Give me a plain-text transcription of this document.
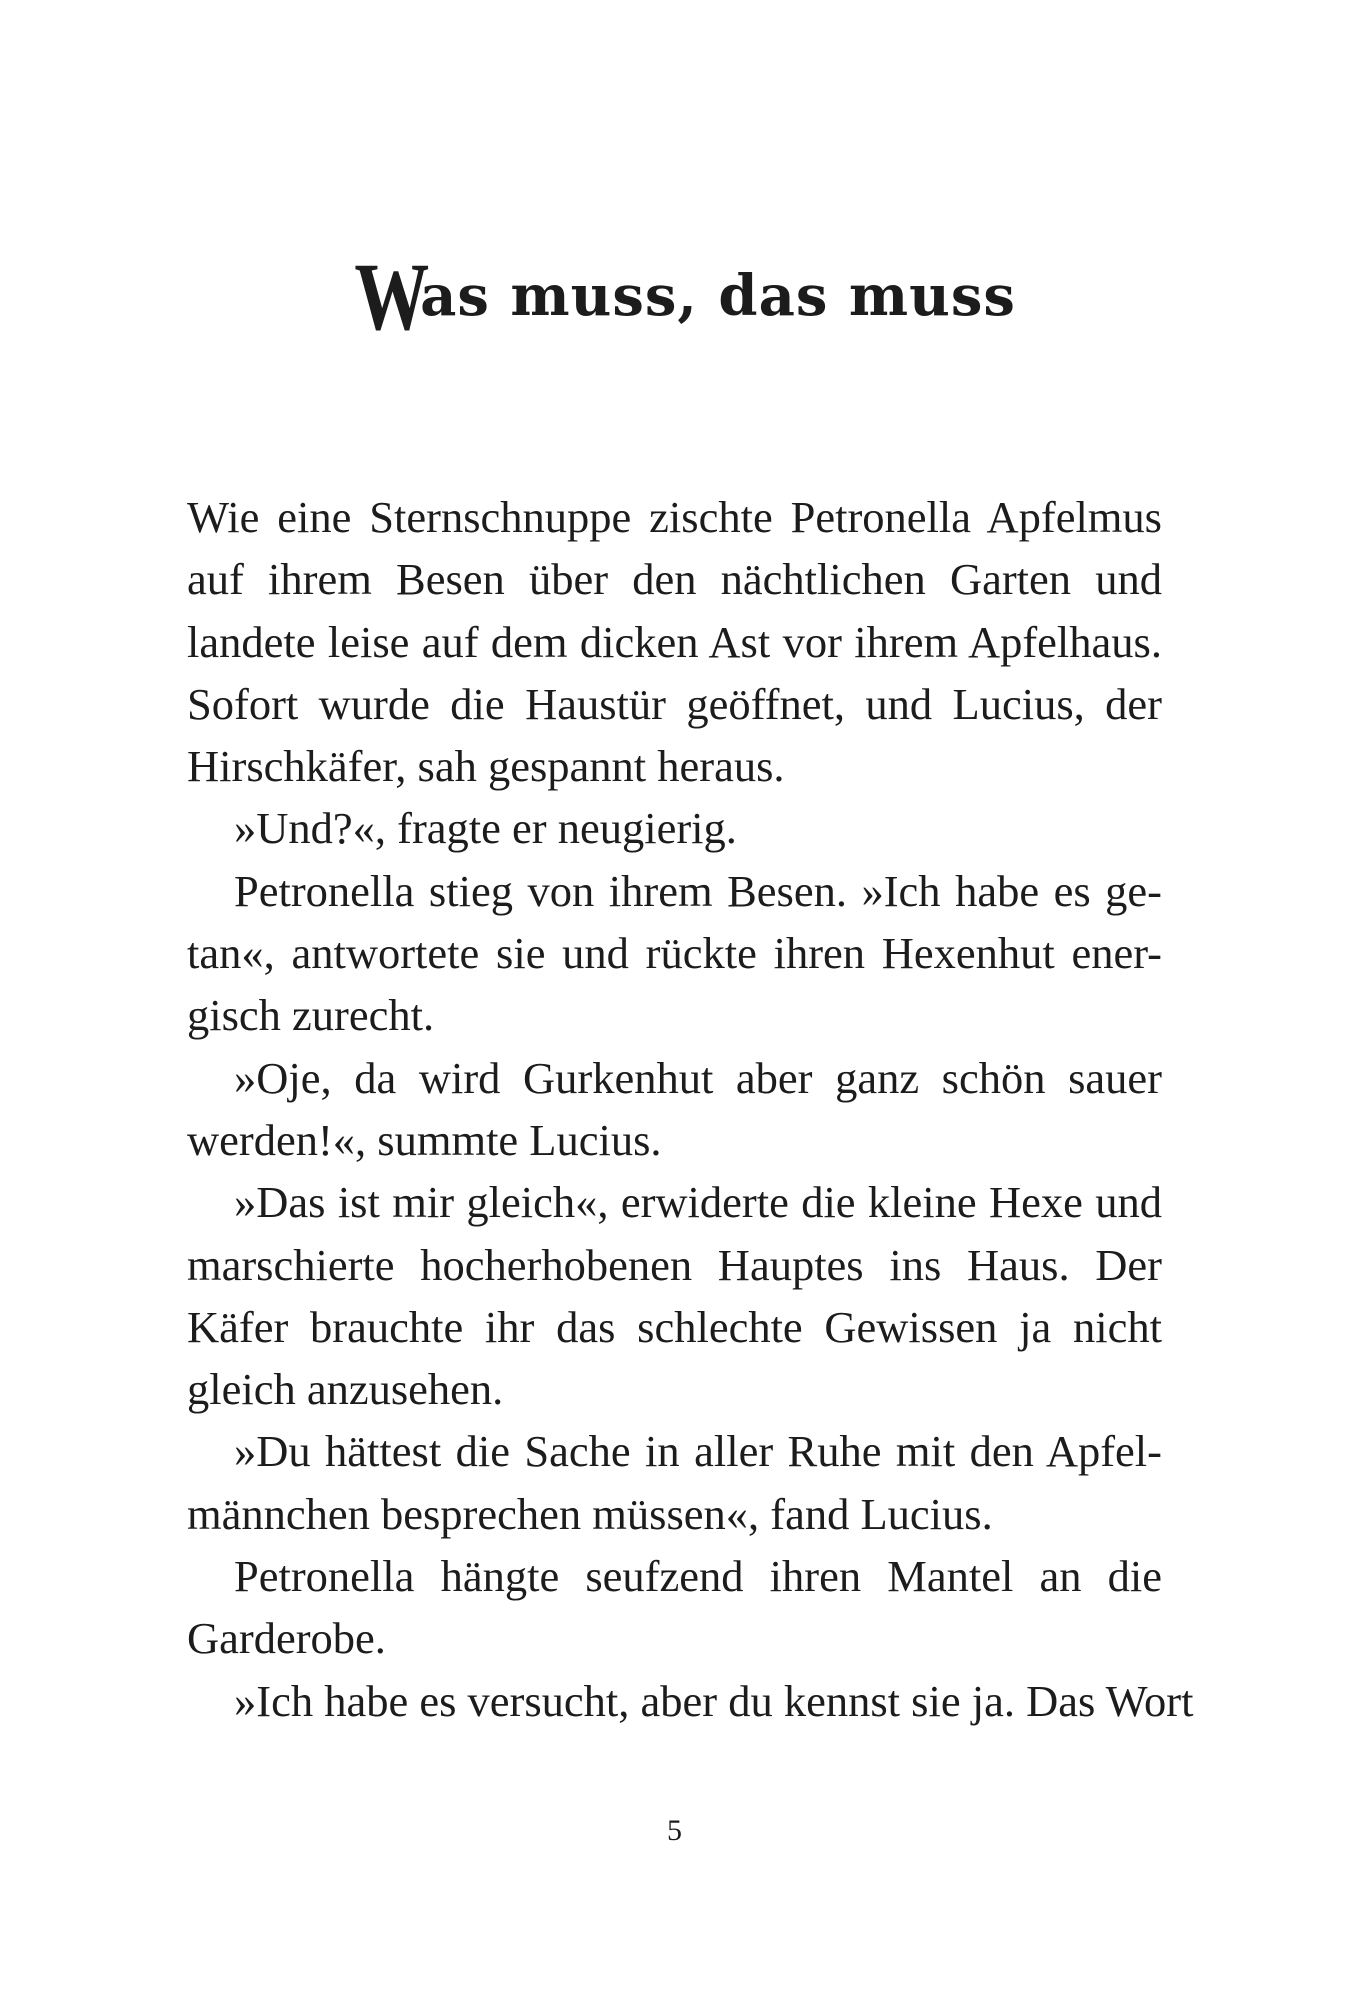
Was muss, das muss

Wie eine Sternschnuppe zischte Petronella Apfelmus
auf ihrem Besen über den nächtlichen Garten und
landete leise auf dem dicken Ast vor ihrem Apfelhaus.
Sofort wurde die Haustür geöffnet, und Lucius, der
Hirschkäfer, sah gespannt heraus.

»Und?«, fragte er neugierig.

Petronella stieg von ihrem Besen. »Ich habe es ge-
tan«, antwortete sie und rückte ihren Hexenhut ener-
gisch zurecht.

»Oje, da wird Gurkenhut aber ganz schön sauer
werden!«, summte Lucius.

»Das ist mir gleich«, erwiderte die kleine Hexe und
marschierte hocherhobenen Hauptes ins Haus. Der
Käfer brauchte ihr das schlechte Gewissen ja nicht
gleich anzusehen.

»Du hättest die Sache in aller Ruhe mit den Apfel-
männchen besprechen müssen«, fand Lucius.

Petronella hängte seufzend ihren Mantel an die
Garderobe.

»Ich habe es versucht, aber du kennst sie ja. Das Wort

5
